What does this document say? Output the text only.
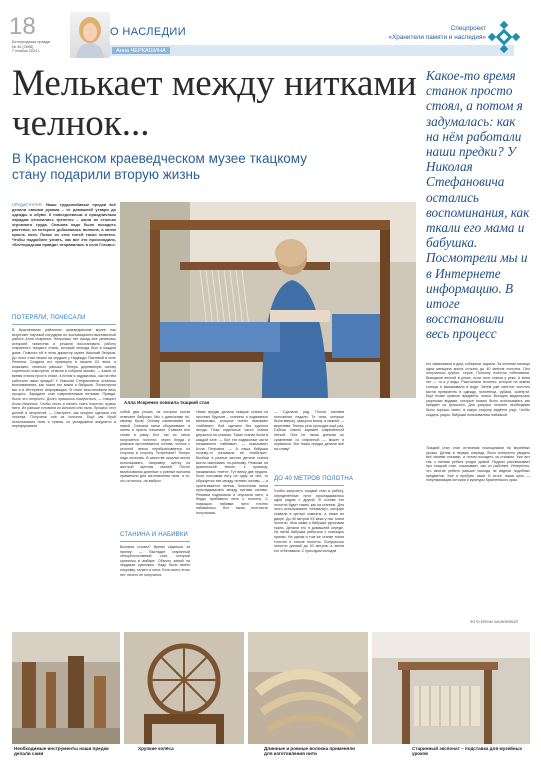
18
Белгородская правда
№ 45 (2698)
7 ноября 2024 г.
О НАСЛЕДИИ
Анна ЧЕРКАШИНА
Спецпроект
«Хранители памяти и наследия»
Мелькает между нитками челнок...
В Красненском краеведческом музее ткацкому стану подарили вторую жизнь
Какое-то время станок просто стоял, а потом я задумалась: как на нём работали наши предки? У Николая Стефановича остались воспоминания, как ткали его мама и бабушка. Посмотрели мы и в Интернете информацию. В итоге восстановили весь процесс
ПРЕДИСТОРИЯ. Наши трудолюбивые предки всё делали своими руками – от домашней утвари до одежды и обуви. К повседневным и праздничным нарядам относились трепетно – шили их столько огромного труда. Сначала надо было посадить растение, из которого добывались волокна, а затем прясть нити. Позже из этих нитей ткали полотно. Чтобы подробнее узнать, как всё это происходило, «Белгородская правда» отправилась в село Готовье.
ПОТЕРЯЛИ, ПОЧЕСАЛИ
В Красненском районном краеведческом музее нас встречает научный сотрудник по экспозиционно-выставочной работе Алла Искренко. Несколько лет назад она увлеклась историей ткачества и решила восстановить работу старинного ткацкого стана, который некогда был в каждом доме. Помогал ей в этом директор музея Николай Лесуков. До этого стан лежал на чердаке у Надежды Пахтевой в селе Репенка. Создали его примерно в начале XX века, а возможно, немного раньше. Теперь деревянную основу тщательно осмотрели, отмыли и собрали заново. — Какое-то время станок просто стоял, а потом я задумалась, как на нём работали наши предки? У Николая Стефановича остались воспоминания, как ткали его мама и бабушка. Посмотрели мы и в Интернете информацию. В итоге восстановили весь процесс. Зарядили стан современными нитками. Правда, было это непросто. Долго пришлось помучиться, — говорит Алла Искренко. Чтобы сесть и начать ткать полотно, нужны нити. Их раньше готовили из конопли или льна. Процесс этот долгий и непростой. — Смотрите, как искусно сделана эта чесалка. Получена она из конопли. Ещё мы Ирой использовали нити и тряпки, их укладывали аккуратно и перекручивали.
Алла Искренко освоила ткацкий стан
собой два уткока, на которые потом отвечают бабушки. Мы с девочками по-своему были. Основу наматывают на навой. Сначала нитки оборачивают, а затем и прясть начинают. Ставили все снова в раму. Вот так из ниток получается полотно: через берда и ремизки протягивается основа, челнок с уточной нитью перебрасывается из стороны в сторону. Потрепали? Теперь надо почесать. В качестве чесалки могли использовать, например, щётку из жесткой щетины свиней. После вычёсывания длинные и ровные волокна применяли для изготовления нити, а то, что осталось, на выброс.
СТАНИНА И НАБИВКИ
Волокна готовы? Время садиться за прялку! — Выглядит старинный четырёхсоставный стан, который хранился в амбаре. Обычно зимой на чердаках сушились. Надо было иметь сноровку, талант и опыт. Если всего этого нет, ничего не получится.
Наши предки делали ткацкие станки из прочных брусьев – станины и подвижные механизмы, которые потом называют «набивки». Всё сделано без единого гвоздя. Пока отдельные части станка держатся на клиньях. Такие станки были в каждой хате. — Вот эти подвижные части называются «набивки», — показывает Алла Петровна. — А наша бабушка почему-то называла её «набилки». Вообще в разных местах детали станка могли именовать по-разному. Ремизки на красненской земле, к примеру, называлась «нити». Тут венку две педали. Если поставим ногу на одну из них, то образуется зев между нитями основы — и протягивается челнок. Челночная нитка прокладывалась между нитями основы. Ремизки поднимали и опускали нити, а бердо прибивало нить к полотну. С помощью набивки нити плотно набивались. Вот такая плотность получалась.
— Сделали ряд. Потом меняем положение педали. Те нити, которые были вверху, окажутся внизу, а нижние — верхними. Теперь уток проходит ещё раз. Сейчас станок заряжен современной ниткой. Она не такая крепкая по сравнению со старинной — может и порваться. Вот наши предки делали всё на славу!
ДО 40 МЕТРОВ ПОЛОТНА
Чтобы запустить ткацкий стан в работу, определённые нити прокладывались одна рядом с другой. В основе это полотно будет таким, как на станине. Для этого использовали «сновалку», которую ставили в центре комнаты, а также во дворе. До 40 метров XX века у нас ткали полотно. Моя мама и бабушка рулонами ткали. Делали его в домашней середе. Из нитки бабушка работала с помощью прялки. На одном и том же станке ткали толстое и тонкое полотно. Получалось полотно длиной до 40 метров, а затем его отбеливали. С приходом холодов
его замачивали в дом, собирали, варили. За осенние месяцы одна женщина могла соткать до 40 метров полотна. Оно получалось грубое, серое. Поэтому полотно отбеливали. Выводили весной в речке, если сели станки у реки. А всем нет — то и у воды. Расстилали полотно, которое на землю солнца и вымачивали в воде. Затем уже светлое полотно могли превратить в одежду, полотенца, рубахи, скатерти. Ещё позже нужные предметы, пояса. Выгодно выделялась узорными видами, которые можно было использовать как предмет из прошлого. Для узорных полотен необходимо было хорошо знать, в какую сторону ведётся узор. Чтобы создать узоры, бабушки пользовались набивкой.
Ткацкий стан стал отличным помощником на музейных уроках. Детям, в первую очередь, было интересно увидеть всё своими глазами, а потом посидеть за станком. Уже вот так: с нитями ребята уходят домой. Педагог рассказывает про ткацкий стан, показывает, как он работает. Интересно, что многие ребята раньше никогда не видели подобных предметов. Уже и пробуют сами. В итоге, наша цель — популяризация истории и культуры Красненского края.
ФОТО ЕЛЕНЫ ЧАННИКОВОЙ
Необходимые инструменты наши предки делали сами
Хрупкие колёса	Длинные и ровные волокна применяли для изготовления нити
Старинный экспонат – подставка для музейных уроков
